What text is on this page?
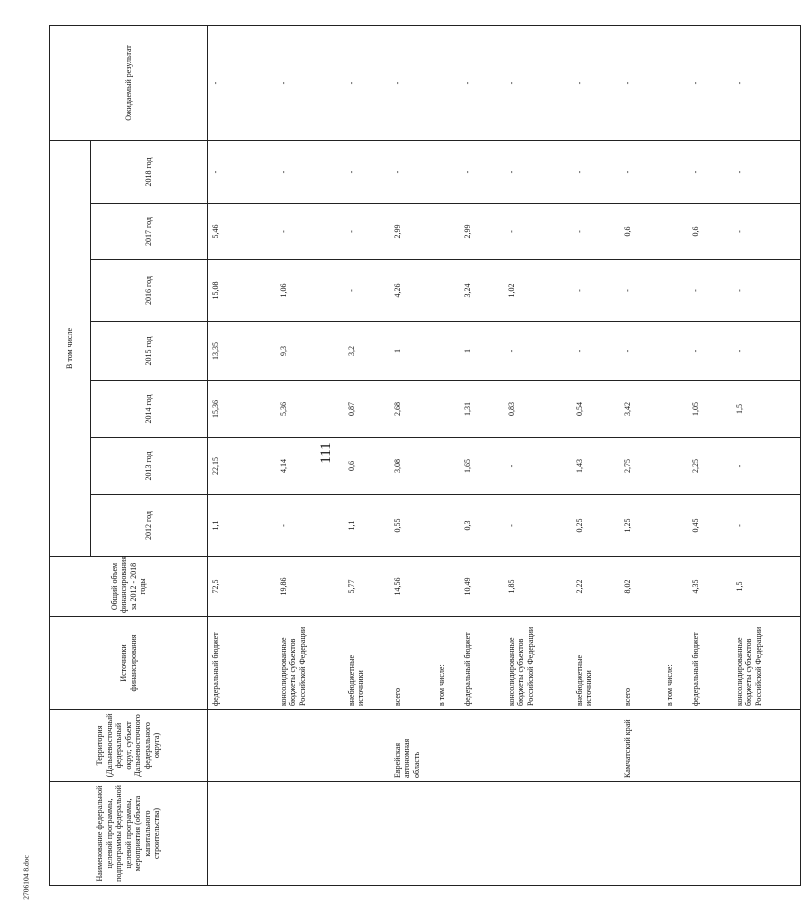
111
Наименование федеральной целевой программы, подпрограммы федеральной целевой программы, мероприятия (объекта капитального строительства)	Территория (Дальневосточный федеральный округ, субъект Дальневосточного федерального округа)	Источники финансирования	Общий объем финансирования за 2012 - 2018 годы	В том числе							Ожидаемый результат
				2012 год	2013 год	2014 год	2015 год	2016 год	2017 год	2018 год	
		федеральный бюджет	72,5	1,1	22,15	15,36	13,35	15,08	5,46	-	-
		консолидированные бюджеты субъектов Российской Федерации	19,86	-	4,14	5,36	9,3	1,06	-	-	-
		внебюджетные источники	5,77	1,1	0,6	0,87	3,2	-	-	-	-
	Еврейская автономная область	всего	14,56	0,55	3,08	2,68	1	4,26	2,99	-	-
		в том числе:									
		федеральный бюджет	10,49	0,3	1,65	1,31	1	3,24	2,99	-	-
		консолидированные бюджеты субъектов Российской Федерации	1,85	-	-	0,83	-	1,02	-	-	-
		внебюджетные источники	2,22	0,25	1,43	0,54	-	-	-	-	-
	Камчатский край	всего	8,02	1,25	2,75	3,42	-	-	0,6	-	-
		в том числе:									
		федеральный бюджет	4,35	0,45	2,25	1,05	-	-	0,6	-	-
		консолидированные бюджеты субъектов Российской Федерации	1,5	-	-	1,5	-	-	-	-	-
2706104 8.doc
